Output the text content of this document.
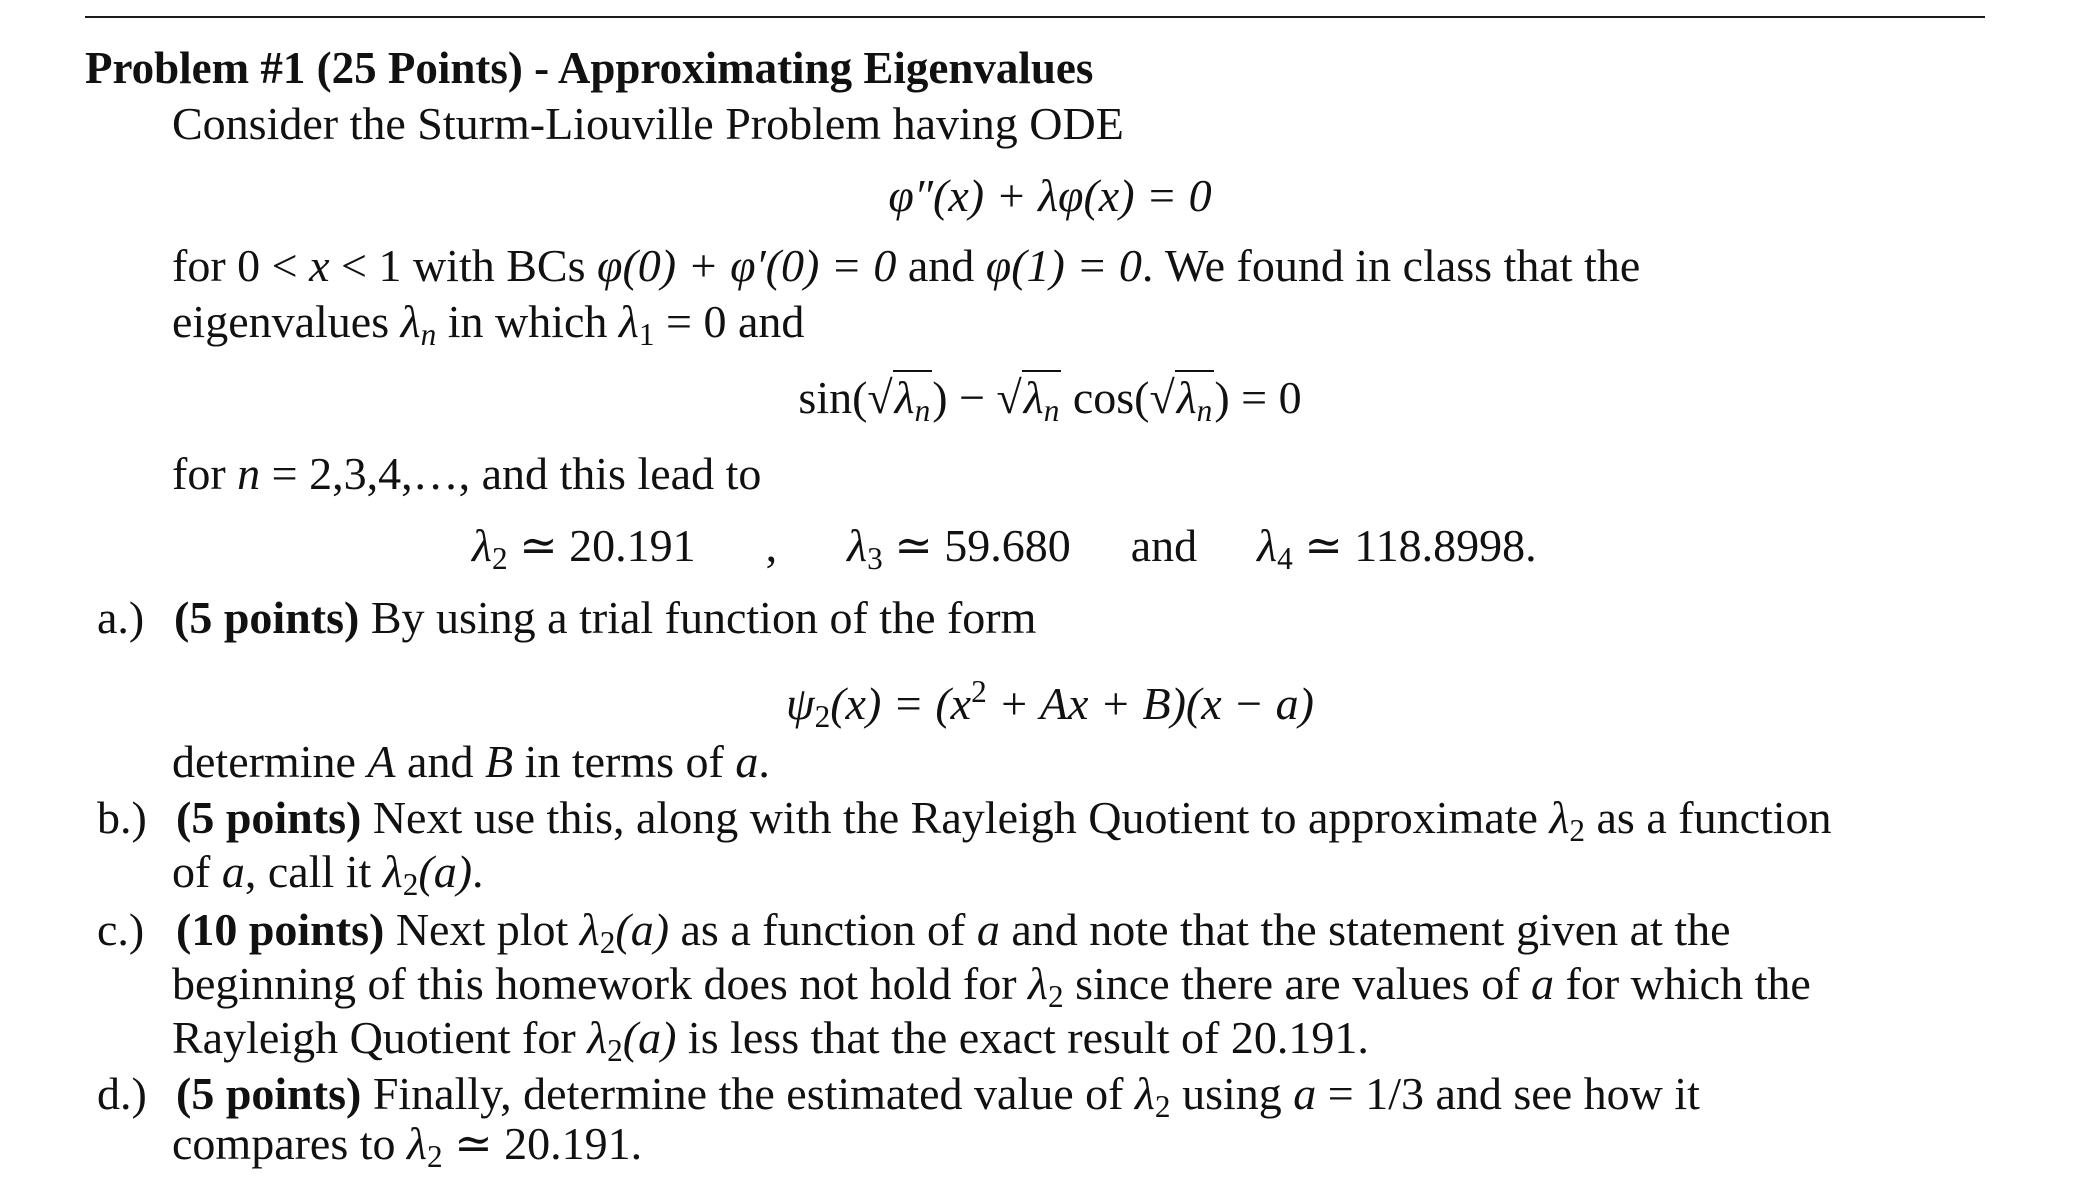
Problem #1 (25 Points) - Approximating Eigenvalues
Consider the Sturm-Liouville Problem having ODE
φ″(x) + λφ(x) = 0
for 0 < x < 1 with BCs φ(0) + φ′(0) = 0 and φ(1) = 0. We found in class that the
eigenvalues $\lambda_n$ in which $\lambda_1 = 0$ and
$\sin(√\lambda_n) - √\lambda_n$ $\cos(√\lambda_n) = 0$
for n = 2,3,4,…, and this lead to
$\lambda_2$ ≃ 20.191 , $\lambda_3$ ≃ 59.680 and $\lambda_4$ ≃ 118.8998.
a.) (5 points) By using a trial function of the form
$\psi_2(x) = (x^2 + Ax + B)(x - a)$
determine A and B in terms of a.
b.) (5 points) Next use this, along with the Rayleigh Quotient to approximate $\lambda_2$ as a function
of a, call it $\lambda_2(a)$.
c.) (10 points) Next plot $\lambda_2(a)$ as a function of a and note that the statement given at the
beginning of this homework does not hold for $\lambda_2$ since there are values of a for which the
Rayleigh Quotient for $\lambda_2(a)$ is less that the exact result of 20.191.
d.) (5 points) Finally, determine the estimated value of $\lambda_2$ using a = 1/3 and see how it
compares to $\lambda_2$ ≃ 20.191.
